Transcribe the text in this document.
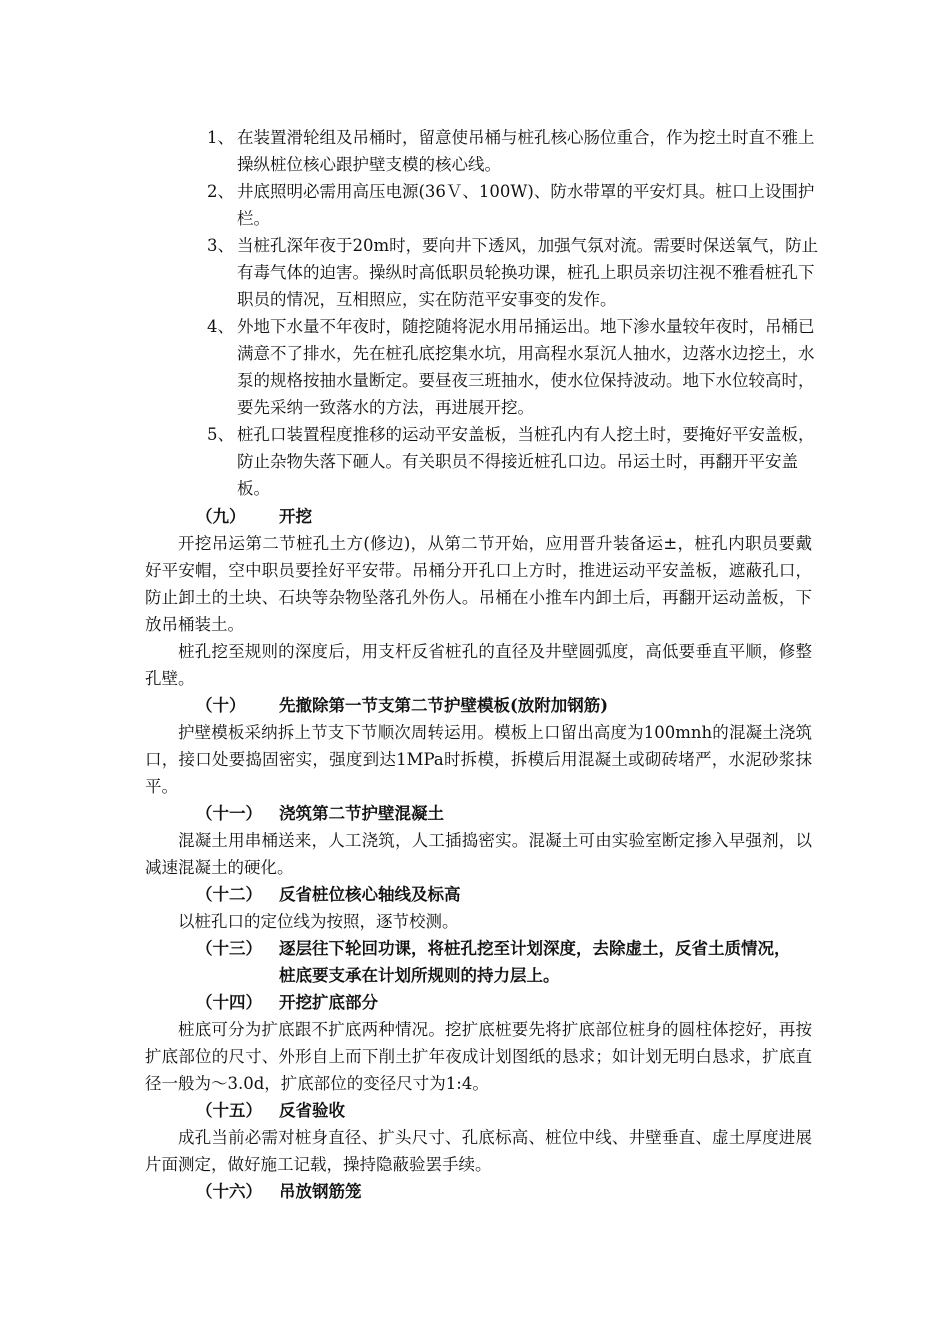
1、 在装置滑轮组及吊桶时，留意使吊桶与桩孔核心肠位重合，作为挖土时直不雅上操纵桩位核心跟护壁支模的核心线。
2、 井底照明必需用高压电源(36Ｖ、100W)、防水带罩的平安灯具。桩口上设围护栏。
3、 当桩孔深年夜于20m时，要向井下透风，加强气氛对流。需要时保送氧气，防止有毒气体的迫害。操纵时高低职员轮换功课，桩孔上职员亲切注视不雅看桩孔下职员的情况，互相照应，实在防范平安事变的发作。
4、 外地下水量不年夜时，随挖随将泥水用吊捅运出。地下渗水量较年夜时，吊桶已满意不了排水，先在桩孔底挖集水坑，用高程水泵沉人抽水，边落水边挖土，水泵的规格按抽水量断定。要昼夜三班抽水，使水位保持波动。地下水位较高时，要先采纳一致落水的方法，再进展开挖。
5、 桩孔口装置程度推移的运动平安盖板，当桩孔内有人挖土时，要掩好平安盖板，防止杂物失落下砸人。有关职员不得接近桩孔口边。吊运土时，再翻开平安盖板。
（九） 开挖
开挖吊运第二节桩孔土方(修边)，从第二节开始，应用晋升装备运±，桩孔内职员要戴好平安帽，空中职员要拴好平安带。吊桶分开孔口上方时，推进运动平安盖板，遮蔽孔口，防止卸土的土块、石块等杂物坠落孔外伤人。吊桶在小推车内卸土后，再翻开运动盖板，下放吊桶装土。
桩孔挖至规则的深度后，用支杆反省桩孔的直径及井壁圆弧度，高低要垂直平顺，修整孔壁。
（十） 先撤除第一节支第二节护壁模板(放附加钢筋)
护壁模板采纳拆上节支下节顺次周转运用。模板上口留出高度为100mnh的混凝土浇筑口，接口处要捣固密实，强度到达1MPa时拆模，拆模后用混凝土或砌砖堵严，水泥砂浆抹平。
（十一） 浇筑第二节护壁混凝土
混凝土用串桶送来，人工浇筑，人工插捣密实。混凝土可由实验室断定掺入早强剂，以减速混凝土的硬化。
（十二） 反省桩位核心轴线及标高
以桩孔口的定位线为按照，逐节校测。
（十三） 逐层往下轮回功课，将桩孔挖至计划深度，去除虚土，反省土质情况，
桩底要支承在计划所规则的持力层上。
（十四） 开挖扩底部分
桩底可分为扩底跟不扩底两种情况。挖扩底桩要先将扩底部位桩身的圆柱体挖好，再按扩底部位的尺寸、外形自上而下削土扩年夜成计划图纸的恳求；如计划无明白恳求，扩底直径一般为～3.0d，扩底部位的变径尺寸为1:4。
（十五） 反省验收
成孔当前必需对桩身直径、扩头尺寸、孔底标高、桩位中线、井壁垂直、虚土厚度进展片面测定，做好施工记载，操持隐蔽验罢手续。
（十六） 吊放钢筋笼
